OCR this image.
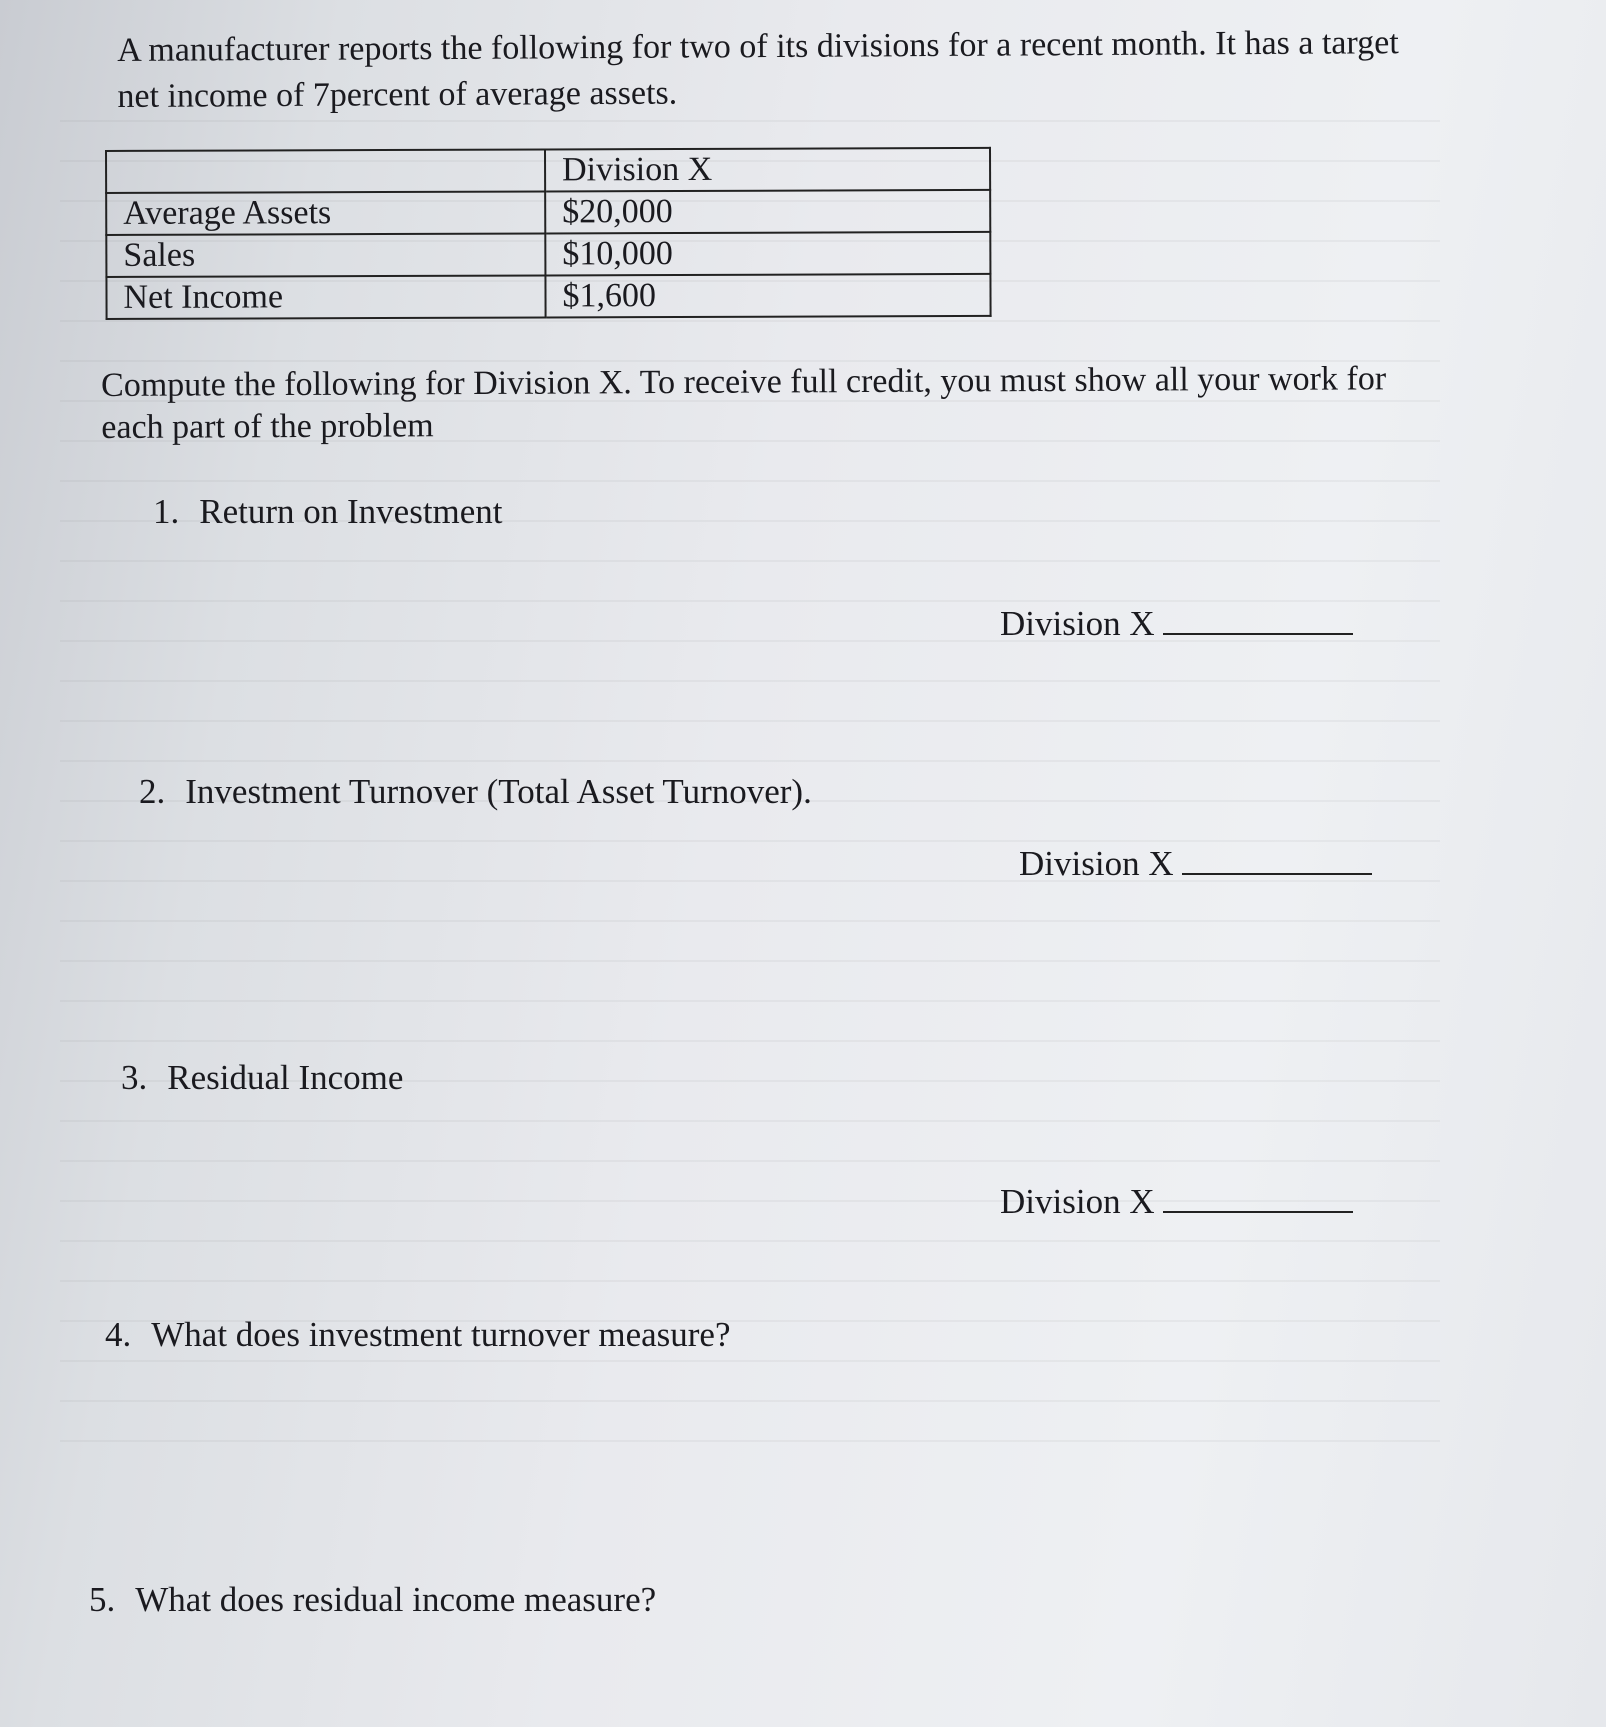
A manufacturer reports the following for two of its divisions for a recent month. It has a target net income of 7percent of average assets.

	Division X
Average Assets	$20,000
Sales	$10,000
Net Income	$1,600

Compute the following for Division X. To receive full credit, you must show all your work for each part of the problem

1. Return on Investment

Division X

2. Investment Turnover (Total Asset Turnover).

Division X

3. Residual Income

Division X

4. What does investment turnover measure?

5. What does residual income measure?
